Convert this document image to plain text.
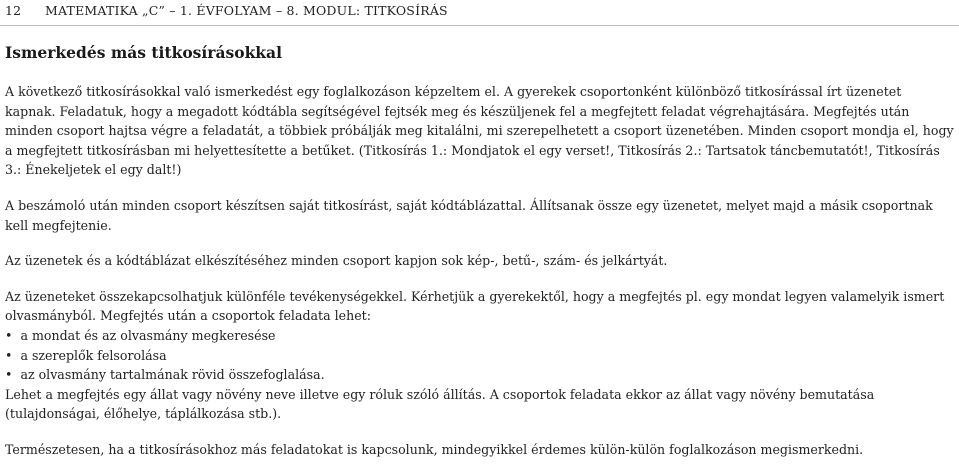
12 MATEMATIKA „C” – 1. ÉVFOLYAM – 8. MODUL: TITKOSÍRÁS
Ismerkedés más titkosírásokkal

A következő titkosírásokkal való ismerkedést egy foglalkozáson képzeltem el. A gyerekek csoportonként különböző titkosírással írt üzenetet kapnak. Feladatuk, hogy a megadott kódtábla segítségével fejtsék meg és készüljenek fel a megfejtett feladat végrehajtására. Megfejtés után minden csoport hajtsa végre a feladatát, a többiek próbálják meg kitalálni, mi szerepelhetett a csoport üzenetében. Minden csoport mondja el, hogy a megfejtett titkosírásban mi helyettesítette a betűket. (Titkosírás 1.: Mondjatok el egy verset!, Titkosírás 2.: Tartsatok táncbemutatót!, Titkosírás 3.: Énekeljetek el egy dalt!)

A beszámoló után minden csoport készítsen saját titkosírást, saját kódtáblázattal. Állítsanak össze egy üzenetet, melyet majd a másik csoportnak kell megfejtenie.

Az üzenetek és a kódtáblázat elkészítéséhez minden csoport kapjon sok kép-, betű-, szám- és jelkártyát.

Az üzeneteket összekapcsolhatjuk különféle tevékenységekkel. Kérhetjük a gyerekektől, hogy a megfejtés pl. egy mondat legyen valamelyik ismert olvasmányból. Megfejtés után a csoportok feladata lehet:
• a mondat és az olvasmány megkeresése
• a szereplők felsorolása
• az olvasmány tartalmának rövid összefoglalása.
Lehet a megfejtés egy állat vagy növény neve illetve egy róluk szóló állítás. A csoportok feladata ekkor az állat vagy növény bemutatása (tulajdonságai, élőhelye, táplálkozása stb.).

Természetesen, ha a titkosírásokhoz más feladatokat is kapcsolunk, mindegyikkel érdemes külön-külön foglalkozáson megismerkedni.
